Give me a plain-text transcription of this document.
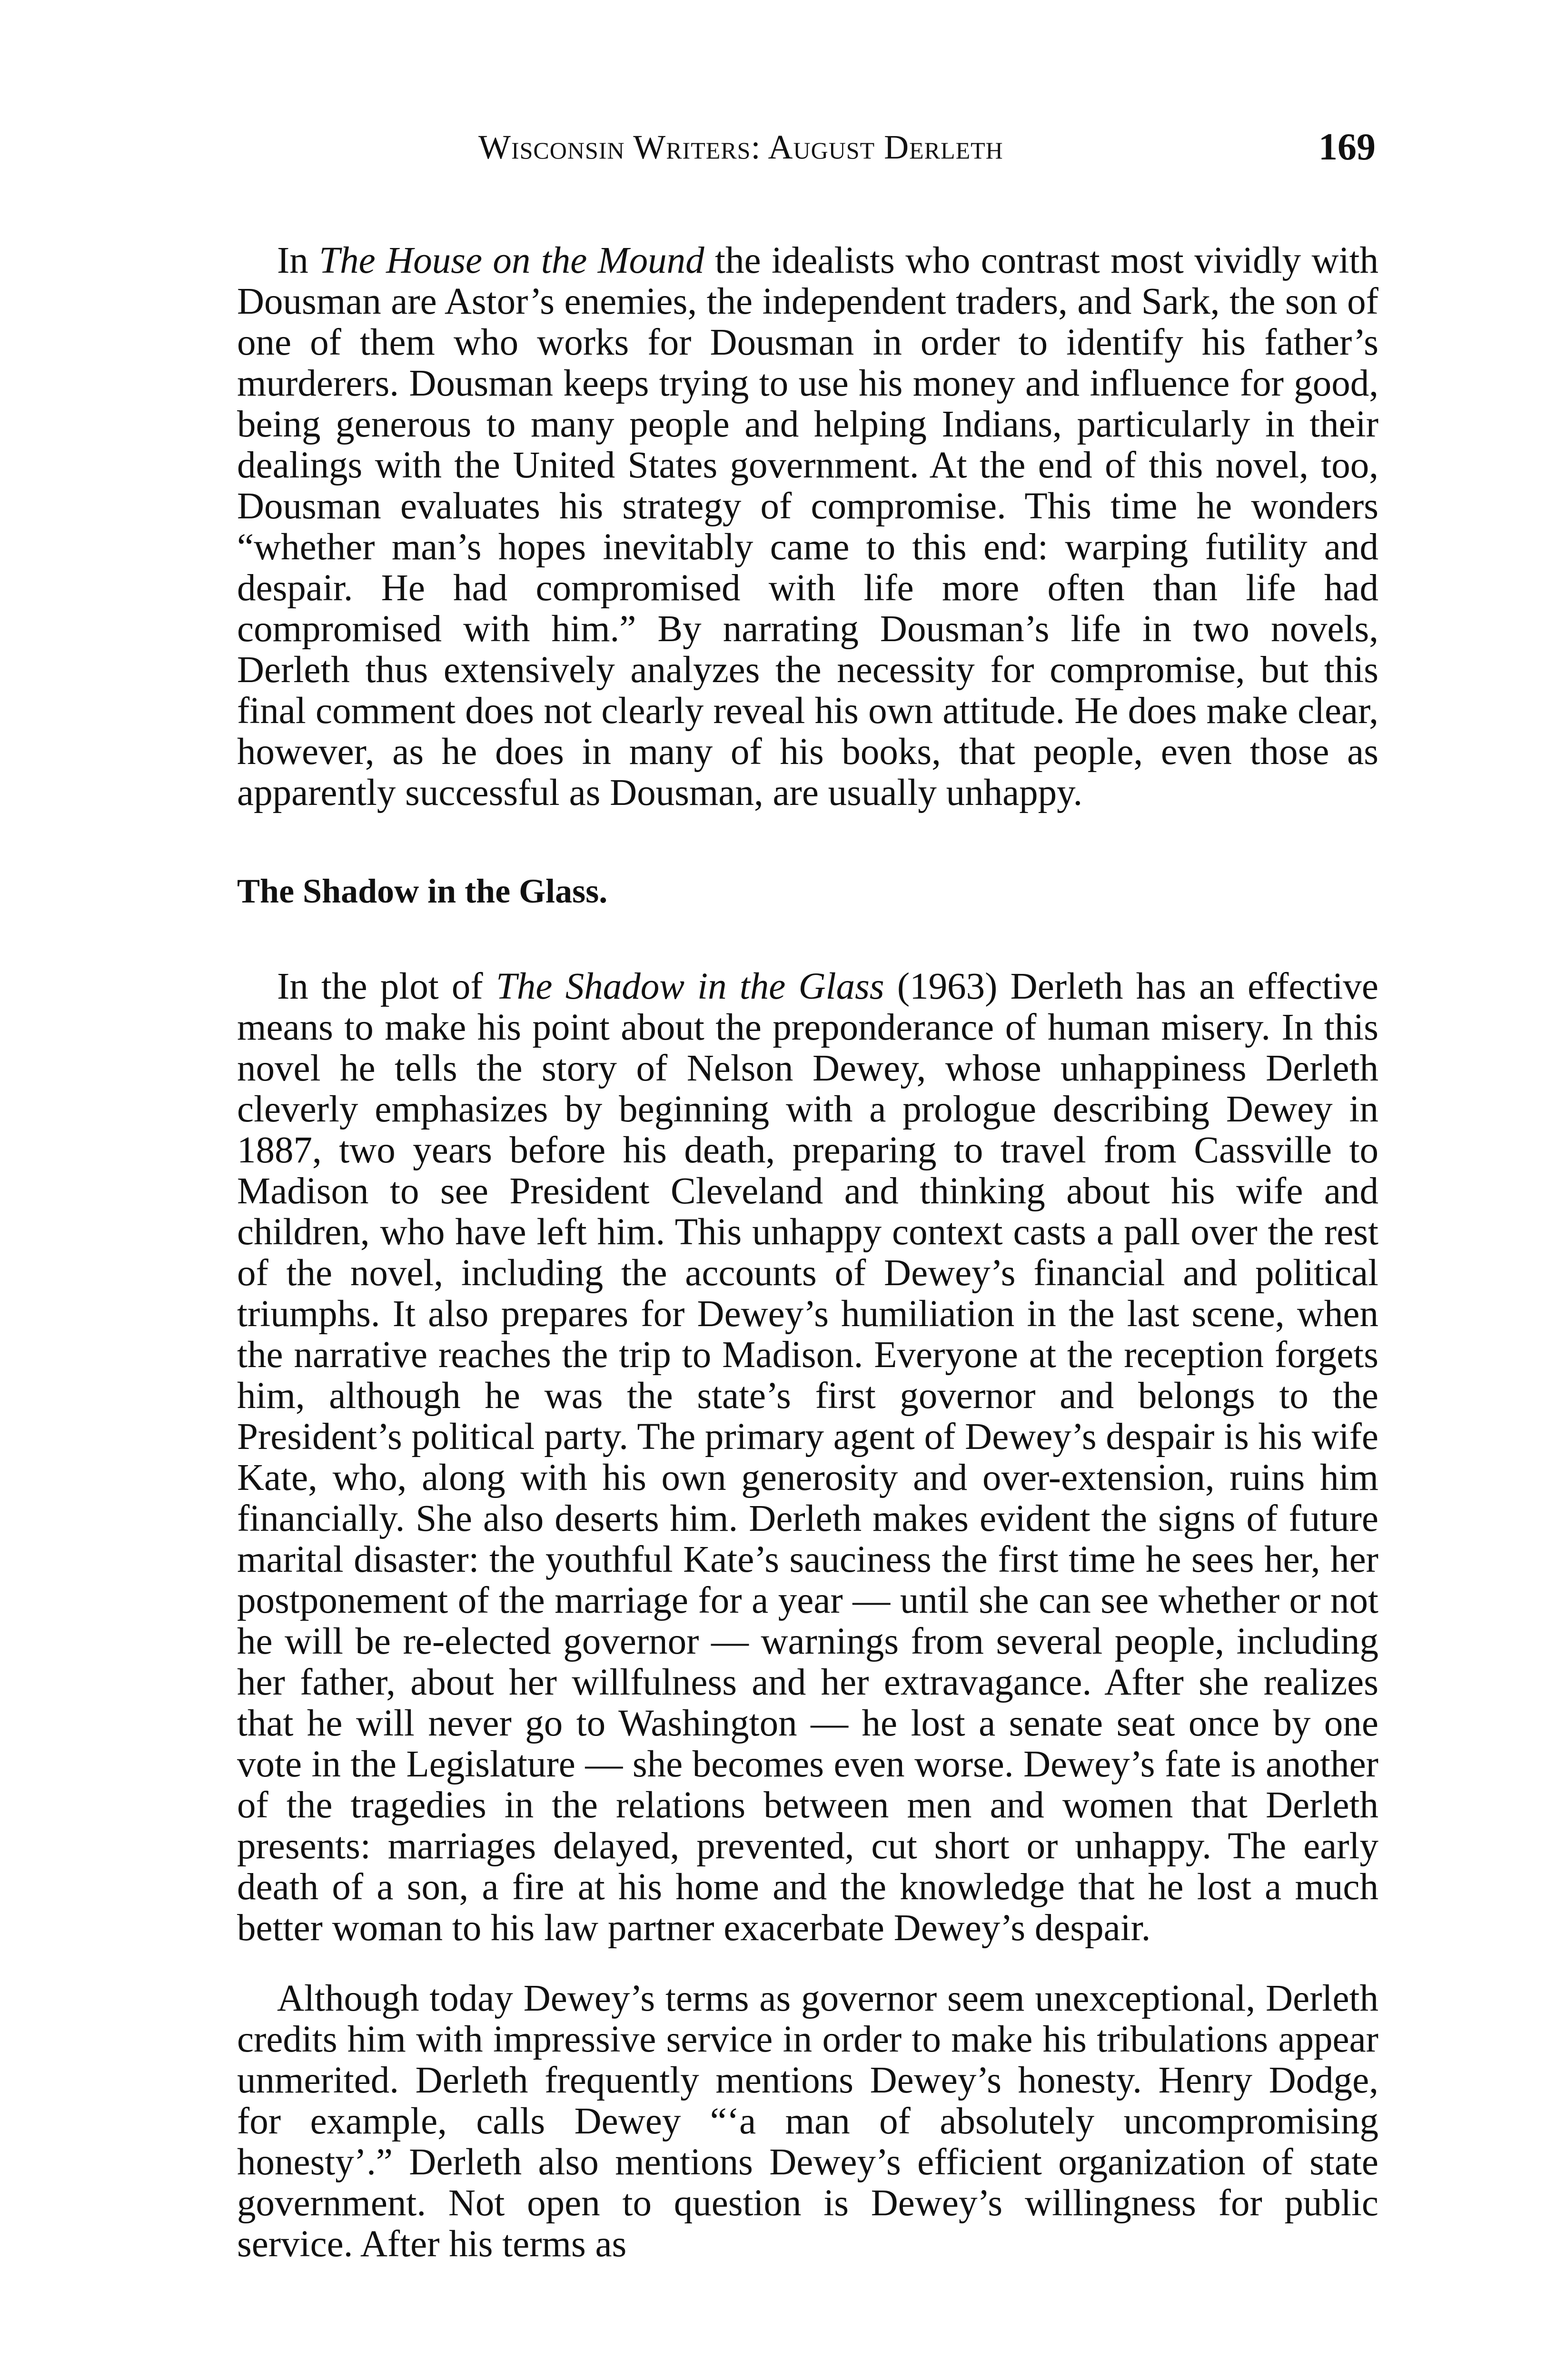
Wisconsin Writers: August Derleth	169

In The House on the Mound the idealists who contrast most vividly with Dousman are Astor’s enemies, the independent traders, and Sark, the son of one of them who works for Dousman in order to identify his father’s murderers. Dousman keeps trying to use his money and influence for good, being generous to many people and helping Indians, particularly in their dealings with the United States government. At the end of this novel, too, Dousman evaluates his strategy of compromise. This time he wonders “whether man’s hopes inevitably came to this end: warping futility and despair. He had compromised with life more often than life had compromised with him.” By narrating Dousman’s life in two novels, Derleth thus extensively analyzes the necessity for compromise, but this final comment does not clearly reveal his own attitude. He does make clear, however, as he does in many of his books, that people, even those as apparently successful as Dousman, are usually unhappy.

The Shadow in the Glass.

In the plot of The Shadow in the Glass (1963) Derleth has an effective means to make his point about the preponderance of human misery. In this novel he tells the story of Nelson Dewey, whose unhappiness Derleth cleverly emphasizes by beginning with a prologue describing Dewey in 1887, two years before his death, preparing to travel from Cassville to Madison to see President Cleveland and thinking about his wife and children, who have left him. This unhappy context casts a pall over the rest of the novel, including the accounts of Dewey’s financial and political triumphs. It also prepares for Dewey’s humiliation in the last scene, when the narrative reaches the trip to Madison. Everyone at the reception forgets him, although he was the state’s first governor and belongs to the President’s political party. The primary agent of Dewey’s despair is his wife Kate, who, along with his own generosity and over-extension, ruins him financially. She also deserts him. Derleth makes evident the signs of future marital disaster: the youthful Kate’s sauciness the first time he sees her, her postponement of the marriage for a year — until she can see whether or not he will be re-elected governor — warnings from several people, including her father, about her willfulness and her extravagance. After she realizes that he will never go to Washington — he lost a senate seat once by one vote in the Legislature — she becomes even worse. Dewey’s fate is another of the tragedies in the relations between men and women that Derleth presents: marriages delayed, prevented, cut short or unhappy. The early death of a son, a fire at his home and the knowledge that he lost a much better woman to his law partner exacerbate Dewey’s despair.

Although today Dewey’s terms as governor seem unexceptional, Derleth credits him with impressive service in order to make his tribulations appear unmerited. Derleth frequently mentions Dewey’s honesty. Henry Dodge, for example, calls Dewey “‘a man of absolutely uncompromising honesty’.” Derleth also mentions Dewey’s efficient organization of state government. Not open to question is Dewey’s willingness for public service. After his terms as
